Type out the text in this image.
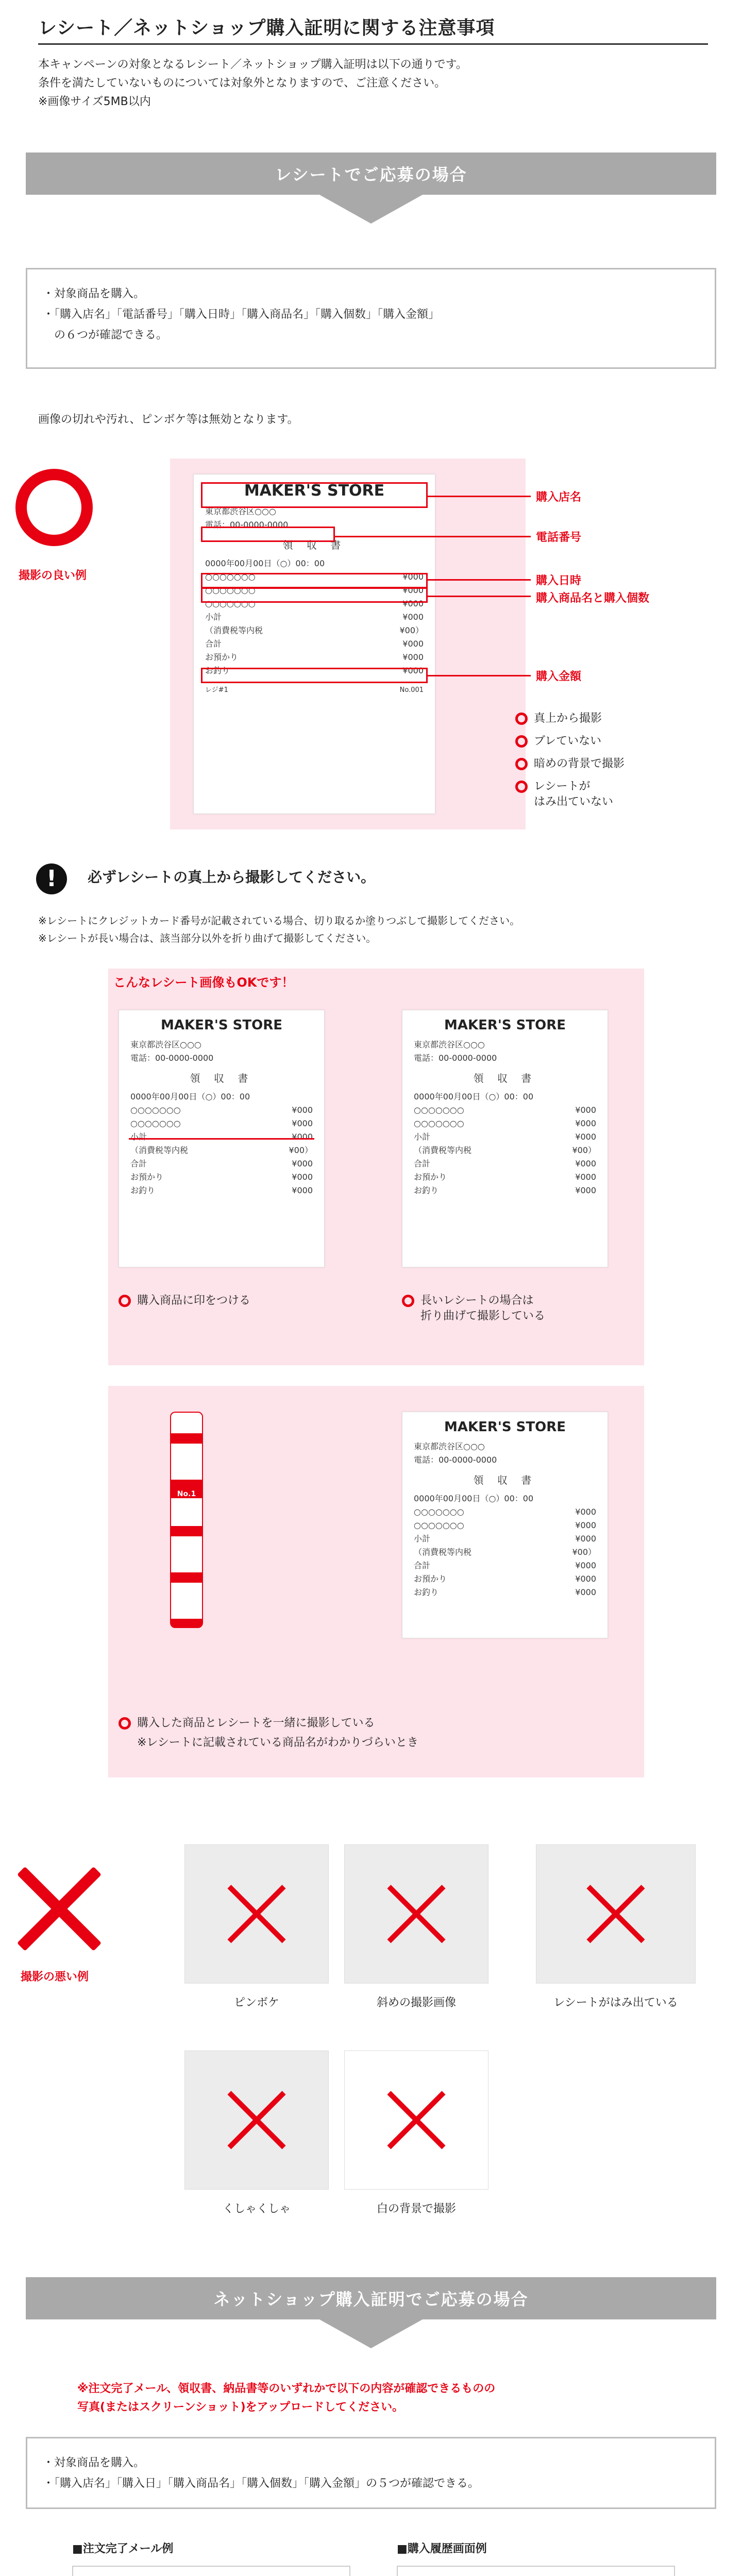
レシート／ネットショップ購入証明に関する注意事項

本キャンペーンの対象となるレシート／ネットショップ購入証明は以下の通りです。

条件を満たしていないものについては対象外となりますので、ご注意ください。

※画像サイズ5MB以内

レシートでご応募の場合
・対象商品を購入。
・「購入店名」「電話番号」「購入日時」「購入商品名」「購入個数」「購入金額」
　の６つが確認できる。
画像の切れや汚れ、ピンボケ等は無効となります。
撮影の良い例
MAKER'S STORE
東京都渋谷区○○○
電話：00-0000-0000
領 収 書
0000年00月00日（○）00：00
○○○○○○○	¥000
○○○○○○○	¥000
○○○○○○○	¥000
小計	¥000
（消費税等内税	¥00）
合計	¥000
お預かり	¥000
お釣り	¥000
レジ#1	No.001
購入店名
電話番号
購入日時
購入商品名と購入個数
購入金額
真上から撮影
ブレていない
暗めの背景で撮影
レシートが
はみ出ていない
!	必ずレシートの真上から撮影してください。
※レシートにクレジットカード番号が記載されている場合、切り取るか塗りつぶして撮影してください。
※レシートが長い場合は、該当部分以外を折り曲げて撮影してください。
こんなレシート画像もOKです！
MAKER'S STORE
東京都渋谷区○○○
電話：00-0000-0000
領 収 書
0000年00月00日（○）00：00
○○○○○○○	¥000
○○○○○○○	¥000
小計	¥000
（消費税等内税	¥00）
合計	¥000
お預かり	¥000
お釣り	¥000
MAKER'S STORE
東京都渋谷区○○○
電話：00-0000-0000
領 収 書
0000年00月00日（○）00：00
○○○○○○○	¥000
○○○○○○○	¥000
小計	¥000
（消費税等内税	¥00）
合計	¥000
お預かり	¥000
お釣り	¥000
購入商品に印をつける	長いレシートの場合は
折り曲げて撮影している
No.1
MAKER'S STORE
東京都渋谷区○○○
電話：00-0000-0000
領 収 書
0000年00月00日（○）00：00
○○○○○○○	¥000
○○○○○○○	¥000
小計	¥000
（消費税等内税	¥00）
合計	¥000
お預かり	¥000
お釣り	¥000
購入した商品とレシートを一緒に撮影している
※レシートに記載されている商品名がわかりづらいとき
撮影の悪い例
ピンボケ	斜めの撮影画像	レシートがはみ出ている
くしゃくしゃ	白の背景で撮影
ネットショップ購入証明でご応募の場合
※注文完了メール、領収書、納品書等のいずれかで以下の内容が確認できるものの
写真(またはスクリーンショット)をアップロードしてください。
・対象商品を購入。
・「購入店名」「購入日」「購入商品名」「購入個数」「購入金額」の５つが確認できる。
■注文完了メール例	■購入履歴画面例
